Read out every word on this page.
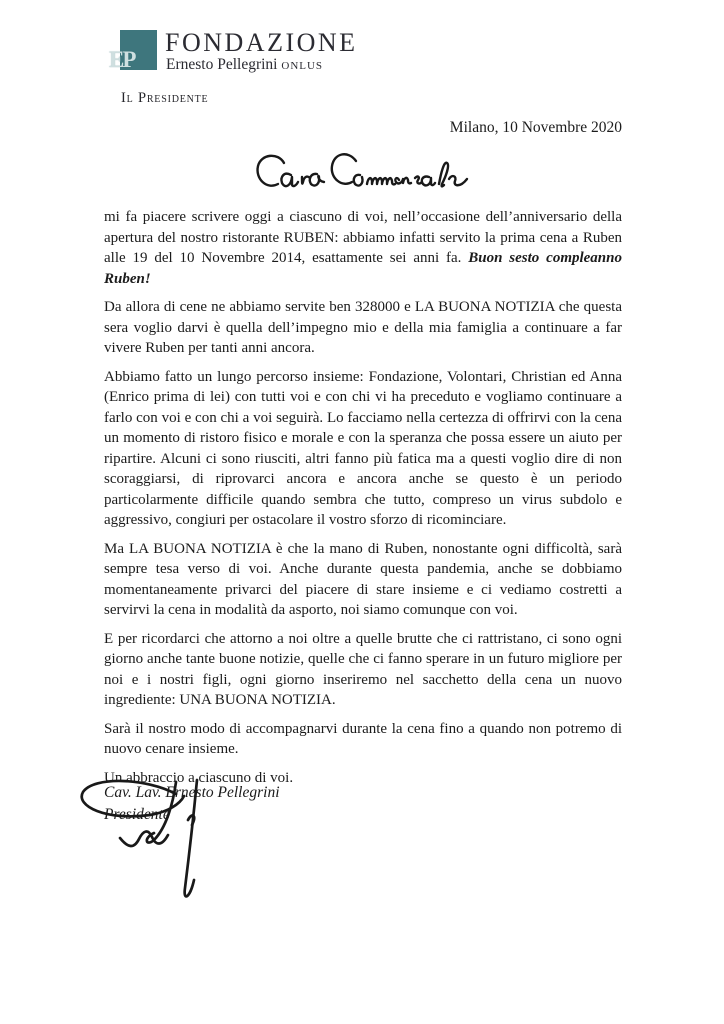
EP
FONDAZIONE
Ernesto Pellegrini onlus
Il Presidente
Milano, 10 Novembre 2020

mi fa piacere scrivere oggi a ciascuno di voi, nell’occasione dell’anniversario della apertura del nostro ristorante RUBEN: abbiamo infatti servito la prima cena a Ruben alle 19 del 10 Novembre 2014, esattamente sei anni fa. Buon sesto compleanno Ruben!

Da allora di cene ne abbiamo servite ben 328000 e LA BUONA NOTIZIA che questa sera voglio darvi è quella dell’impegno mio e della mia famiglia a continuare a far vivere Ruben per tanti anni ancora.

Abbiamo fatto un lungo percorso insieme: Fondazione, Volontari, Christian ed Anna (Enrico prima di lei) con tutti voi e con chi vi ha preceduto e vogliamo continuare a farlo con voi e con chi a voi seguirà. Lo facciamo nella certezza di offrirvi con la cena un momento di ristoro fisico e morale e con la speranza che possa essere un aiuto per ripartire. Alcuni ci sono riusciti, altri fanno più fatica ma a questi voglio dire di non scoraggiarsi, di riprovarci ancora e ancora anche se questo è un periodo particolarmente difficile quando sembra che tutto, compreso un virus subdolo e aggressivo, congiuri per ostacolare il vostro sforzo di ricominciare.

Ma LA BUONA NOTIZIA è che la mano di Ruben, nonostante ogni difficoltà, sarà sempre tesa verso di voi. Anche durante questa pandemia, anche se dobbiamo momentaneamente privarci del piacere di stare insieme e ci vediamo costretti a servirvi la cena in modalità da asporto, noi siamo comunque con voi.

E per ricordarci che attorno a noi oltre a quelle brutte che ci rattristano, ci sono ogni giorno anche tante buone notizie, quelle che ci fanno sperare in un futuro migliore per noi e i nostri figli, ogni giorno inseriremo nel sacchetto della cena un nuovo ingrediente: UNA BUONA NOTIZIA.

Sarà il nostro modo di accompagnarvi durante la cena fino a quando non potremo di nuovo cenare insieme.

Un abbraccio a ciascuno di voi.

Cav. Lav. Ernesto Pellegrini
Presidente
